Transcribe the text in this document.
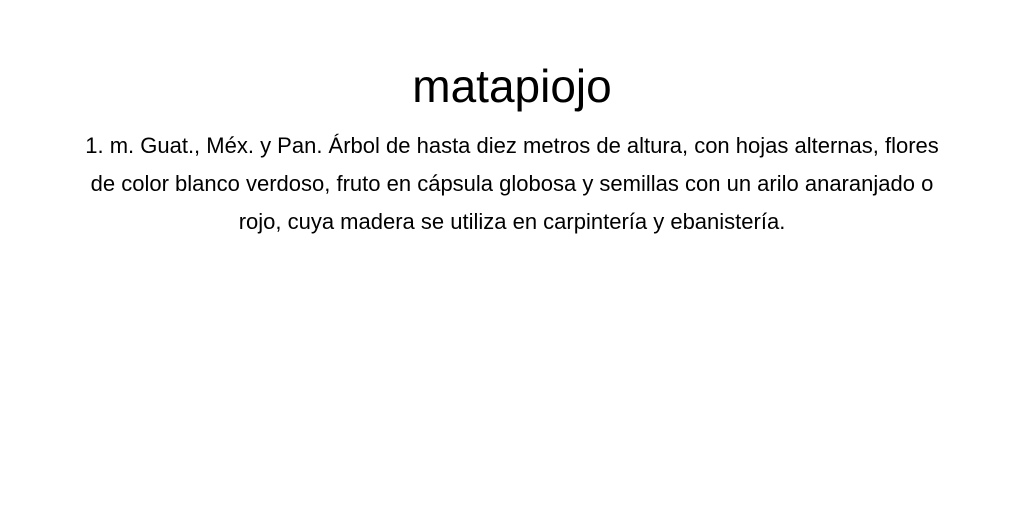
matapiojo

1. m. Guat., Méx. y Pan. Árbol de hasta diez metros de altura, con hojas alternas, flores de color blanco verdoso, fruto en cápsula globosa y semillas con un arilo anaranjado o rojo, cuya madera se utiliza en carpintería y ebanistería.
